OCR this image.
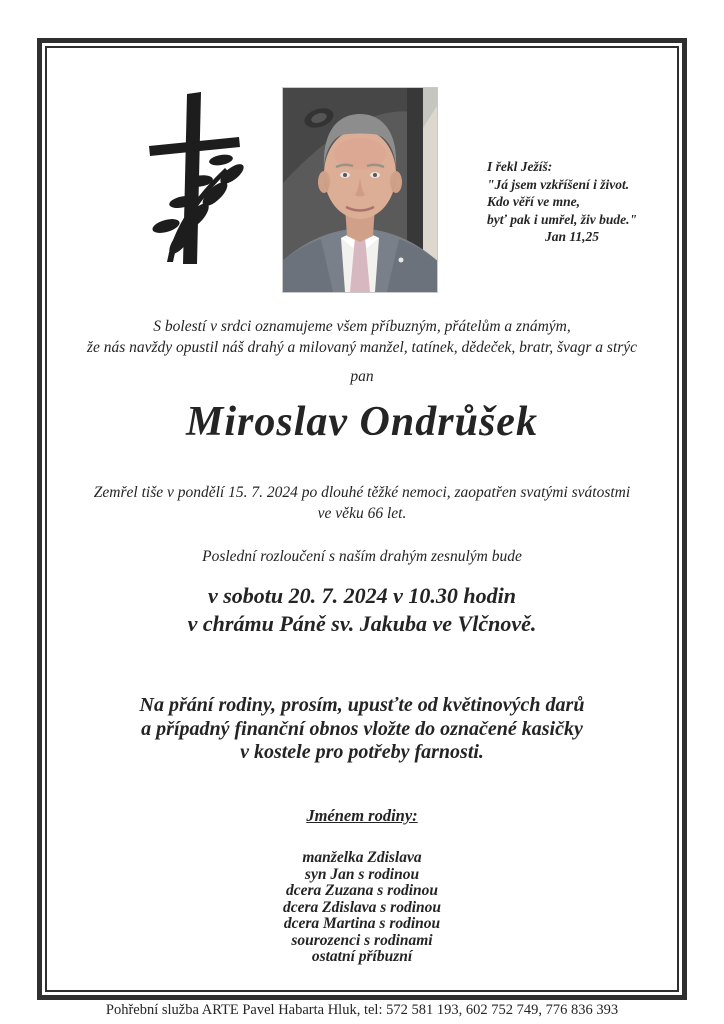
I řekl Ježíš:
"Já jsem vzkříšení i život.
Kdo věří ve mne,
byť pak i umřel, živ bude."
Jan 11,25
S bolestí v srdci oznamujeme všem příbuzným, přátelům a známým,
že nás navždy opustil náš drahý a milovaný manžel, tatínek, dědeček, bratr, švagr a strýc
pan
Miroslav Ondrůšek
Zemřel tiše v pondělí 15. 7. 2024 po dlouhé těžké nemoci, zaopatřen svatými svátostmi
ve věku 66 let.
Poslední rozloučení s naším drahým zesnulým bude
v sobotu 20. 7. 2024 v 10.30 hodin
v chrámu Páně sv. Jakuba ve Vlčnově.
Na přání rodiny, prosím, upusťte od květinových darů
a případný finanční obnos vložte do označené kasičky
v kostele pro potřeby farnosti.
Jménem rodiny:
manželka Zdislava
syn Jan s rodinou
dcera Zuzana s rodinou
dcera Zdislava s rodinou
dcera Martina s rodinou
sourozenci s rodinami
ostatní příbuzní
Pohřební služba ARTE Pavel Habarta Hluk, tel: 572 581 193, 602 752 749, 776 836 393
